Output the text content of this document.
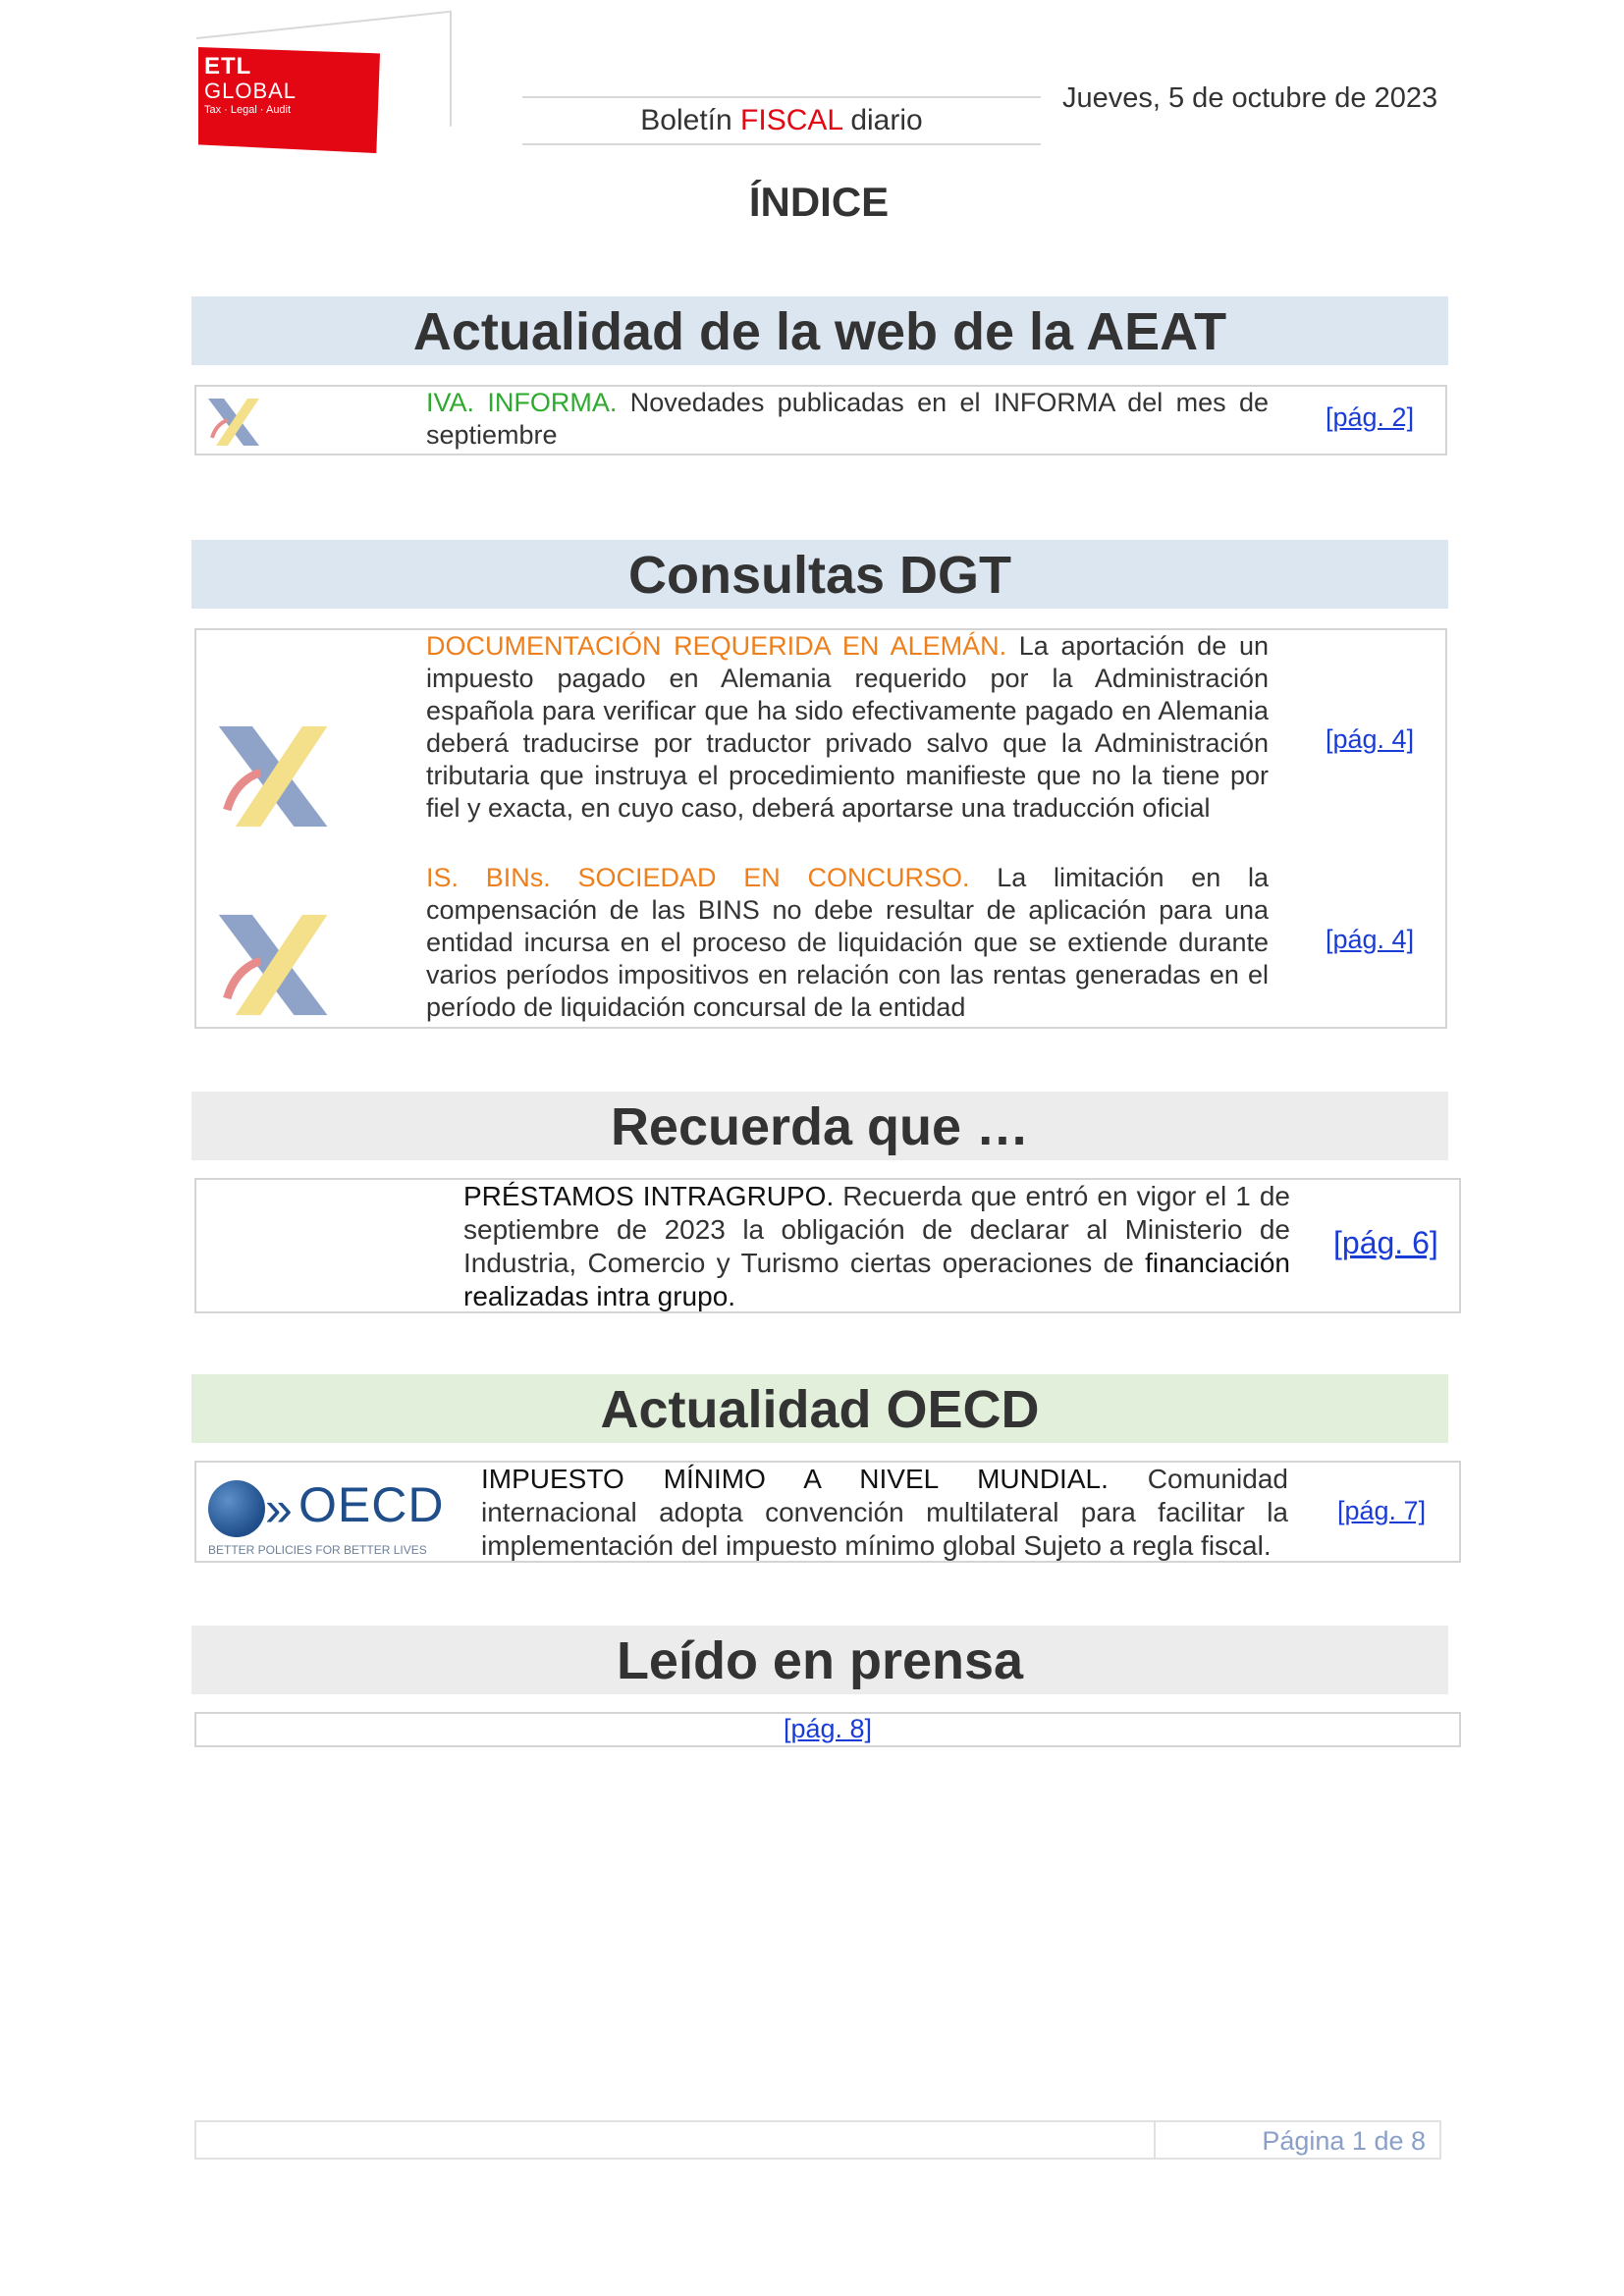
ETL
GLOBAL
Tax · Legal · Audit	Boletín FISCAL diario
Jueves, 5 de octubre de 2023
ÍNDICE
Actualidad de la web de la AEAT
IVA. INFORMA. Novedades publicadas en el INFORMA del mes de septiembre
[pág. 2]
Consultas DGT
DOCUMENTACIÓN REQUERIDA EN ALEMÁN. La aportación de un impuesto pagado en Alemania requerido por la Administración española para verificar que ha sido efectivamente pagado en Alemania deberá traducirse por traductor privado salvo que la Administración tributaria que instruya el procedimiento manifieste que no la tiene por fiel y exacta, en cuyo caso, deberá aportarse una traducción oficial
[pág. 4]
IS. BINs. SOCIEDAD EN CONCURSO. La limitación en la compensación de las BINS no debe resultar de aplicación para una entidad incursa en el proceso de liquidación que se extiende durante varios períodos impositivos en relación con las rentas generadas en el período de liquidación concursal de la entidad
[pág. 4]
Recuerda que …
PRÉSTAMOS INTRAGRUPO. Recuerda que entró en vigor el 1 de septiembre de 2023 la obligación de declarar al Ministerio de Industria, Comercio y Turismo ciertas operaciones de financiación realizadas intra grupo.
[pág. 6]
Actualidad OECD
» OECD
BETTER POLICIES FOR BETTER LIVES
IMPUESTO MÍNIMO A NIVEL MUNDIAL. Comunidad internacional adopta convención multilateral para facilitar la implementación del impuesto mínimo global Sujeto a regla fiscal.
[pág. 7]
Leído en prensa
[pág. 8]
Página 1 de 8
